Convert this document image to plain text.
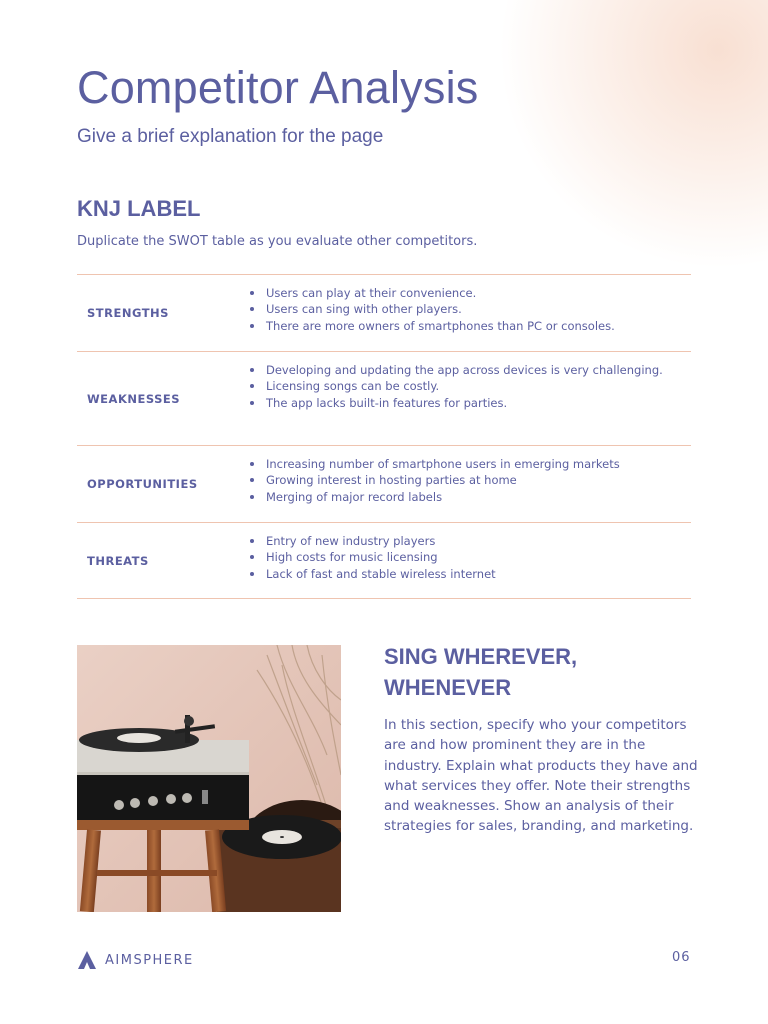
Competitor Analysis

Give a brief explanation for the page

KNJ LABEL

Duplicate the SWOT table as you evaluate other competitors.

STRENGTHS
Users can play at their convenience.
Users can sing with other players.
There are more owners of smartphones than PC or consoles.
WEAKNESSES
Developing and updating the app across devices is very challenging.
Licensing songs can be costly.
The app lacks built-in features for parties.
OPPORTUNITIES
Increasing number of smartphone users in emerging markets
Growing interest in hosting parties at home
Merging of major record labels
THREATS
Entry of new industry players
High costs for music licensing
Lack of fast and stable wireless internet
SING WHEREVER,
WHENEVER

In this section, specify who your competitors are and how prominent they are in the industry. Explain what products they have and what services they offer. Note their strengths and weaknesses. Show an analysis of their strategies for sales, branding, and marketing.

AIMSPHERE	06
